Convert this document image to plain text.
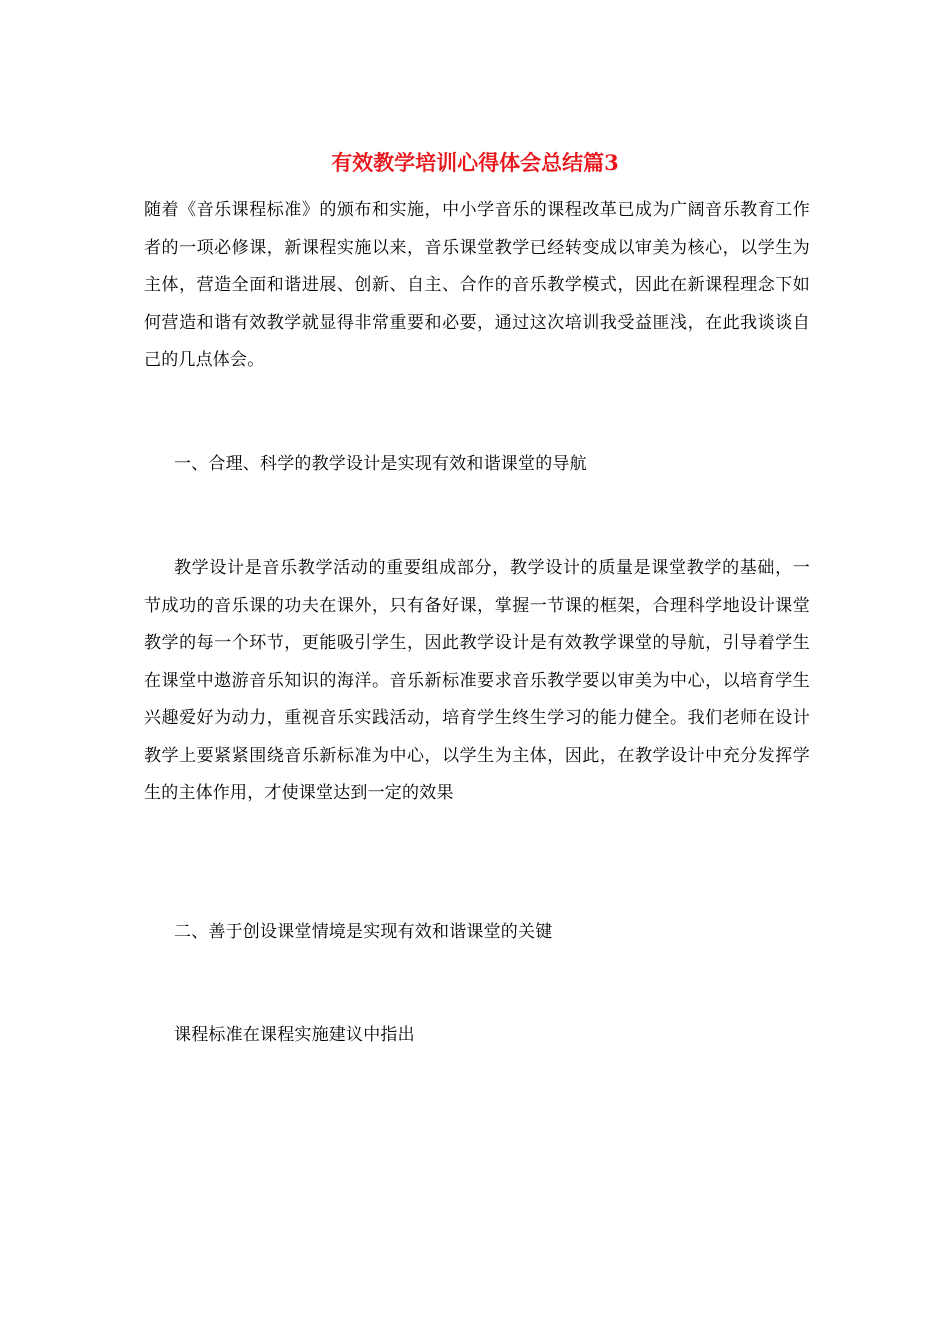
有效教学培训心得体会总结篇3

随着《音乐课程标准》的颁布和实施，中小学音乐的课程改革已成为广阔音乐教育工作者的一项必修课，新课程实施以来，音乐课堂教学已经转变成以审美为核心，以学生为主体，营造全面和谐进展、创新、自主、合作的音乐教学模式，因此在新课程理念下如何营造和谐有效教学就显得非常重要和必要，通过这次培训我受益匪浅，在此我谈谈自己的几点体会。

一、合理、科学的教学设计是实现有效和谐课堂的导航

教学设计是音乐教学活动的重要组成部分，教学设计的质量是课堂教学的基础，一节成功的音乐课的功夫在课外，只有备好课，掌握一节课的框架，合理科学地设计课堂教学的每一个环节，更能吸引学生，因此教学设计是有效教学课堂的导航，引导着学生在课堂中遨游音乐知识的海洋。音乐新标准要求音乐教学要以审美为中心，以培育学生兴趣爱好为动力，重视音乐实践活动，培育学生终生学习的能力健全。我们老师在设计教学上要紧紧围绕音乐新标准为中心，以学生为主体，因此，在教学设计中充分发挥学生的主体作用，才使课堂达到一定的效果

二、善于创设课堂情境是实现有效和谐课堂的关键

课程标准在课程实施建议中指出
